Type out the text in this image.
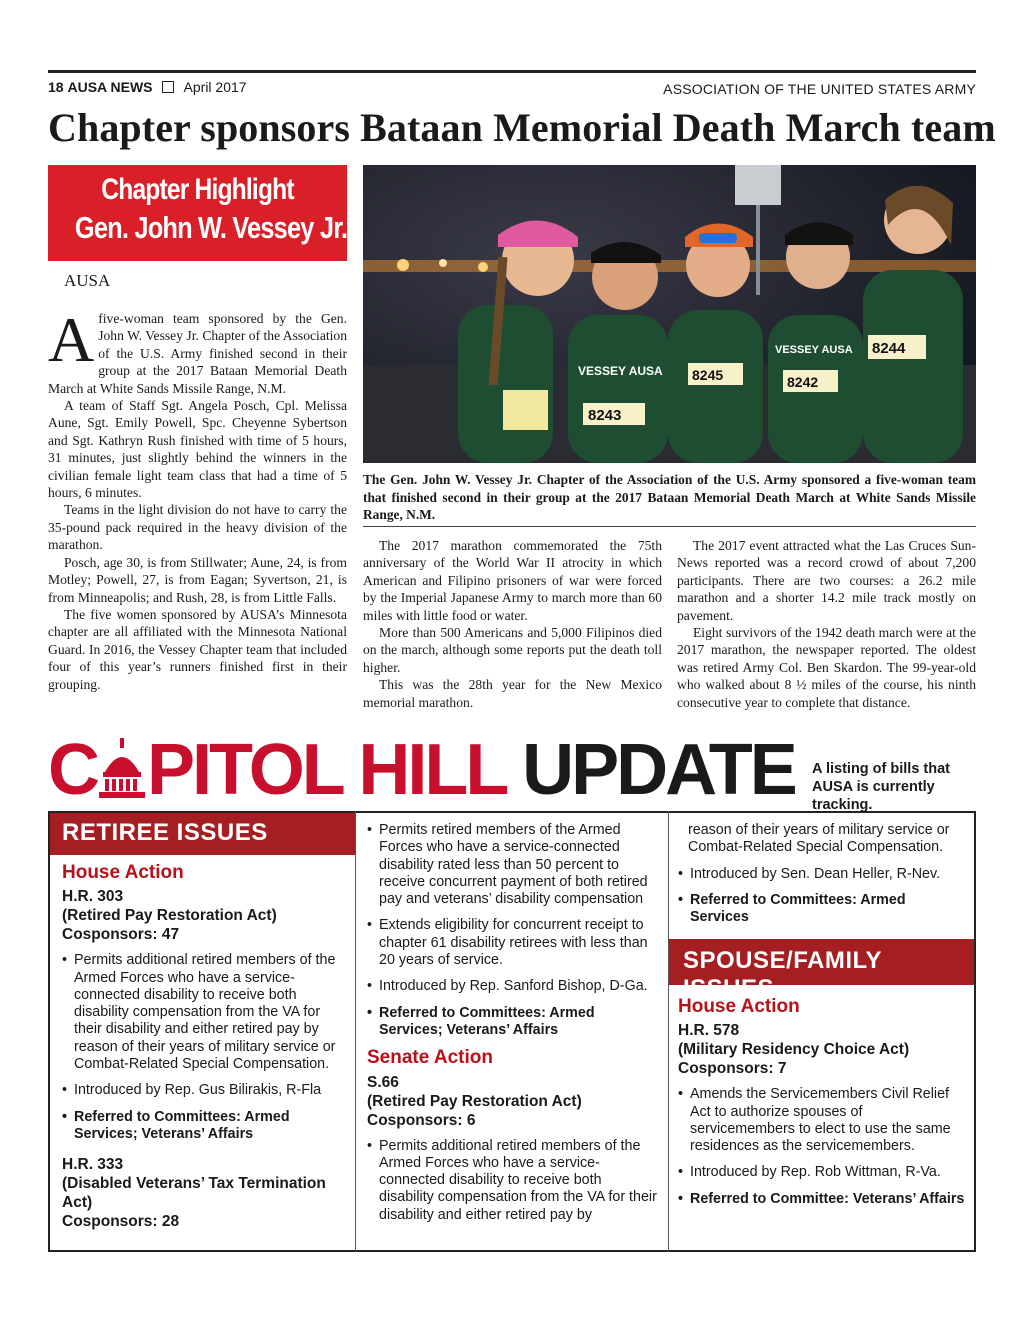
18 AUSA NEWS April 2017	ASSOCIATION OF THE UNITED STATES ARMY
Chapter sponsors Bataan Memorial Death March team
Chapter Highlight
Gen. John W. Vessey Jr.
AUSA

Afive-woman team sponsored by the Gen. John W. Vessey Jr. Chapter of the Association of the U.S. Army finished second in their group at the 2017 Bataan Memorial Death March at White Sands Missile Range, N.M.

A team of Staff Sgt. Angela Posch, Cpl. Melissa Aune, Sgt. Emily Powell, Spc. Cheyenne Sybertson and Sgt. Kathryn Rush finished with time of 5 hours, 31 minutes, just slightly behind the winners in the civilian female light team class that had a time of 5 hours, 6 minutes.

Teams in the light division do not have to carry the 35-pound pack required in the heavy division of the marathon.

Posch, age 30, is from Stillwater; Aune, 24, is from Motley; Powell, 27, is from Eagan; Syvertson, 21, is from Minneapolis; and Rush, 28, is from Little Falls.

The five women sponsored by AUSA’s Minnesota chapter are all affiliated with the Minnesota National Guard. In 2016, the Vessey Chapter team that included four of this year’s runners finished first in their grouping.

VESSEY AUSA
8243
8245
VESSEY AUSA
8242
8244
The Gen. John W. Vessey Jr. Chapter of the Association of the U.S. Army sponsored a five-woman team that finished second in their group at the 2017 Bataan Memorial Death March at White Sands Missile Range, N.M.

The 2017 marathon commemorated the 75th anniversary of the World War II atrocity in which American and Filipino prisoners of war were forced by the Imperial Japanese Army to march more than 60 miles with little food or water.

More than 500 Americans and 5,000 Filipinos died on the march, although some reports put the death toll higher.

This was the 28th year for the New Mexico memorial marathon.

The 2017 event attracted what the Las Cruces Sun-News reported was a record crowd of about 7,200 participants. There are two courses: a 26.2 mile marathon and a shorter 14.2 mile track mostly on pavement.

Eight survivors of the 1942 death march were at the 2017 marathon, the newspaper reported. The oldest was retired Army Col. Ben Skardon. The 99-year-old who walked about 8 ½ miles of the course, his ninth consecutive year to complete that distance.

C PITOL HILL UPDATE A listing of bills that AUSA is currently tracking.
RETIREE ISSUES
House Action
H.R. 303
(Retired Pay Restoration Act)
Cosponsors: 47
• Permits additional retired members of the Armed Forces who have a service-connected disability to receive both disability compensation from the VA for their disability and either retired pay by reason of their years of military service or Combat-Related Special Compensation.
• Introduced by Rep. Gus Bilirakis, R-Fla
• Referred to Committees: Armed Services; Veterans’ Affairs
H.R. 333
(Disabled Veterans’ Tax Termination Act)
Cosponsors: 28
• Permits retired members of the Armed Forces who have a service-connected disability rated less than 50 percent to receive concurrent payment of both retired pay and veterans’ disability compensation
• Extends eligibility for concurrent receipt to chapter 61 disability retirees with less than 20 years of service.
• Introduced by Rep. Sanford Bishop, D-Ga.
• Referred to Committees: Armed Services; Veterans’ Affairs
Senate Action
S.66
(Retired Pay Restoration Act)
Cosponsors: 6
• Permits additional retired members of the Armed Forces who have a service-connected disability to receive both disability compensation from the VA for their disability and either retired pay by
reason of their years of military service or Combat-Related Special Compensation.
• Introduced by Sen. Dean Heller, R-Nev.
• Referred to Committees: Armed Services
SPOUSE/FAMILY ISSUES
House Action
H.R. 578
(Military Residency Choice Act)
Cosponsors: 7
• Amends the Servicemembers Civil Relief Act to authorize spouses of servicemembers to elect to use the same residences as the servicemembers.
• Introduced by Rep. Rob Wittman, R-Va.
• Referred to Committee: Veterans’ Affairs
